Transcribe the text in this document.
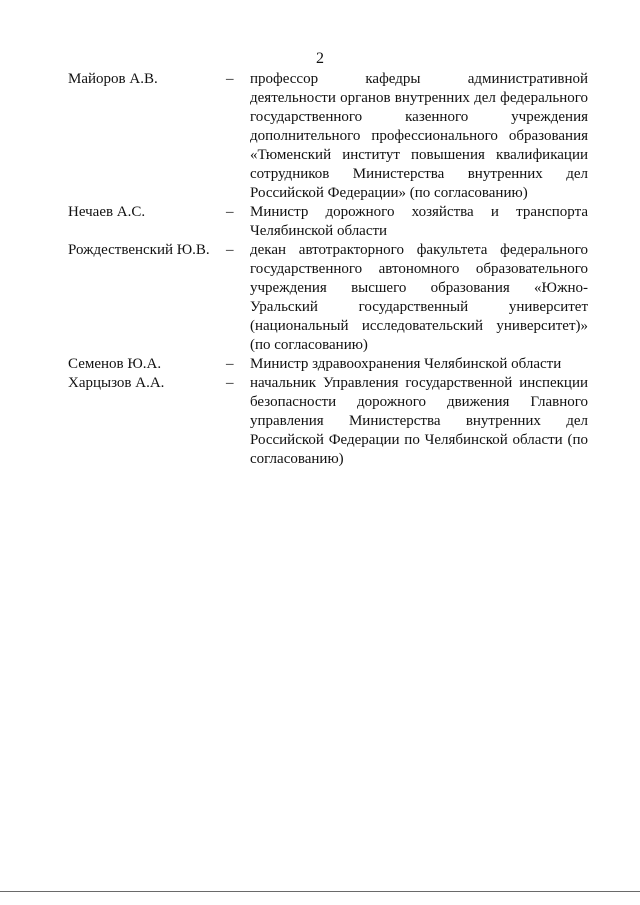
2
Майоров А.В.	–	профессор кафедры административной деятельности органов внутренних дел федерального государственного казенного учреждения дополнительного профессионального образования «Тюменский институт повышения квалификации сотрудников Министерства внутренних дел Российской Федерации» (по согласованию)
Нечаев А.С.	–	Министр дорожного хозяйства и транспорта Челябинской области
Рождественский Ю.В.	–	декан автотракторного факультета федерального государственного автономного образовательного учреждения высшего образования «Южно-Уральский государственный университет (национальный исследовательский университет)» (по согласованию)
Семенов Ю.А.	–	Министр здравоохранения Челябинской области
Харцызов А.А.	–	начальник Управления государственной инспекции безопасности дорожного движения Главного управления Министерства внутренних дел Российской Федерации по Челябинской области (по согласованию)
